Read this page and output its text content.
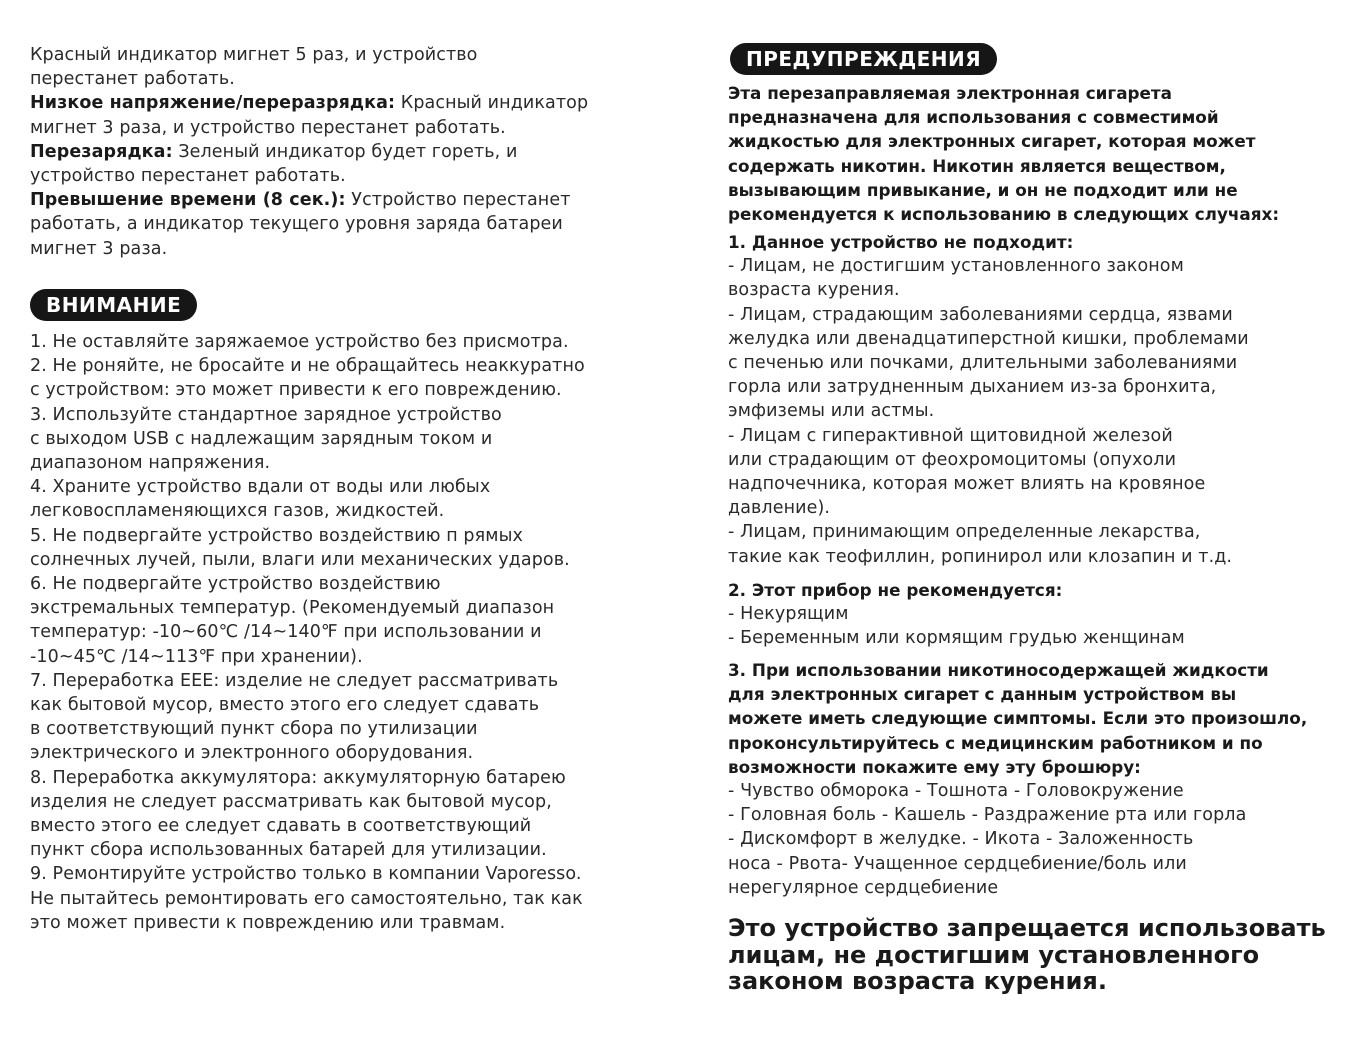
Красный индикатор мигнет 5 раз, и устройство
перестанет работать.
Низкое напряжение/переразрядка: Красный индикатор
мигнет 3 раза, и устройство перестанет работать.
Перезарядка: Зеленый индикатор будет гореть, и
устройство перестанет работать.
Превышение времени (8 сек.): Устройство перестанет
работать, а индикатор текущего уровня заряда батареи
мигнет 3 раза.
ВНИМАНИЕ
1. Не оставляйте заряжаемое устройство без присмотра.
2. Не роняйте, не бросайте и не обращайтесь неаккуратно
с устройством: это может привести к его повреждению.
3. Используйте стандартное зарядное устройство
с выходом USB с надлежащим зарядным током и
диапазоном напряжения.
4. Храните устройство вдали от воды или любых
легковоспламеняющихся газов, жидкостей.
5. Не подвергайте устройство воздействию п рямых
солнечных лучей, пыли, влаги или механических ударов.
6. Не подвергайте устройство воздействию
экстремальных температур. (Рекомендуемый диапазон
температур: -10~60℃ /14~140℉ при использовании и
-10~45℃ /14~113℉ при хранении).
7. Переработка ЕЕЕ: изделие не следует рассматривать
как бытовой мусор, вместо этого его следует сдавать
в соответствующий пункт сбора по утилизации
электрического и электронного оборудования.
8. Переработка аккумулятора: аккумуляторную батарею
изделия не следует рассматривать как бытовой мусор,
вместо этого ее следует сдавать в соответствующий
пункт сбора использованных батарей для утилизации.
9. Ремонтируйте устройство только в компании Vaporesso.
Не пытайтесь ремонтировать его самостоятельно, так как
это может привести к повреждению или травмам.
ПРЕДУПРЕЖДЕНИЯ
Эта перезаправляемая электронная сигарета
предназначена для использования с совместимой
жидкостью для электронных сигарет, которая может
содержать никотин. Никотин является веществом,
вызывающим привыкание, и он не подходит или не
рекомендуется к использованию в следующих случаях:
1. Данное устройство не подходит:
- Лицам, не достигшим установленного законом
возраста курения.
- Лицам, страдающим заболеваниями сердца, язвами
желудка или двенадцатиперстной кишки, проблемами
с печенью или почками, длительными заболеваниями
горла или затрудненным дыханием из-за бронхита,
эмфиземы или астмы.
- Лицам с гиперактивной щитовидной железой
или страдающим от феохромоцитомы (опухоли
надпочечника, которая может влиять на кровяное
давление).
- Лицам, принимающим определенные лекарства,
такие как теофиллин, ропинирол или клозапин и т.д.
2. Этот прибор не рекомендуется:
- Некурящим
- Беременным или кормящим грудью женщинам
3. При использовании никотиносодержащей жидкости
для электронных сигарет с данным устройством вы
можете иметь следующие симптомы. Если это произошло,
проконсультируйтесь с медицинским работником и по
возможности покажите ему эту брошюру:
- Чувство обморока - Тошнота - Головокружение
- Головная боль - Кашель - Раздражение рта или горла
- Дискомфорт в желудке. - Икота - Заложенность
носа - Рвота- Учащенное сердцебиение/боль или
нерегулярное сердцебиение
Это устройство запрещается использовать
лицам, не достигшим установленного
законом возраста курения.
